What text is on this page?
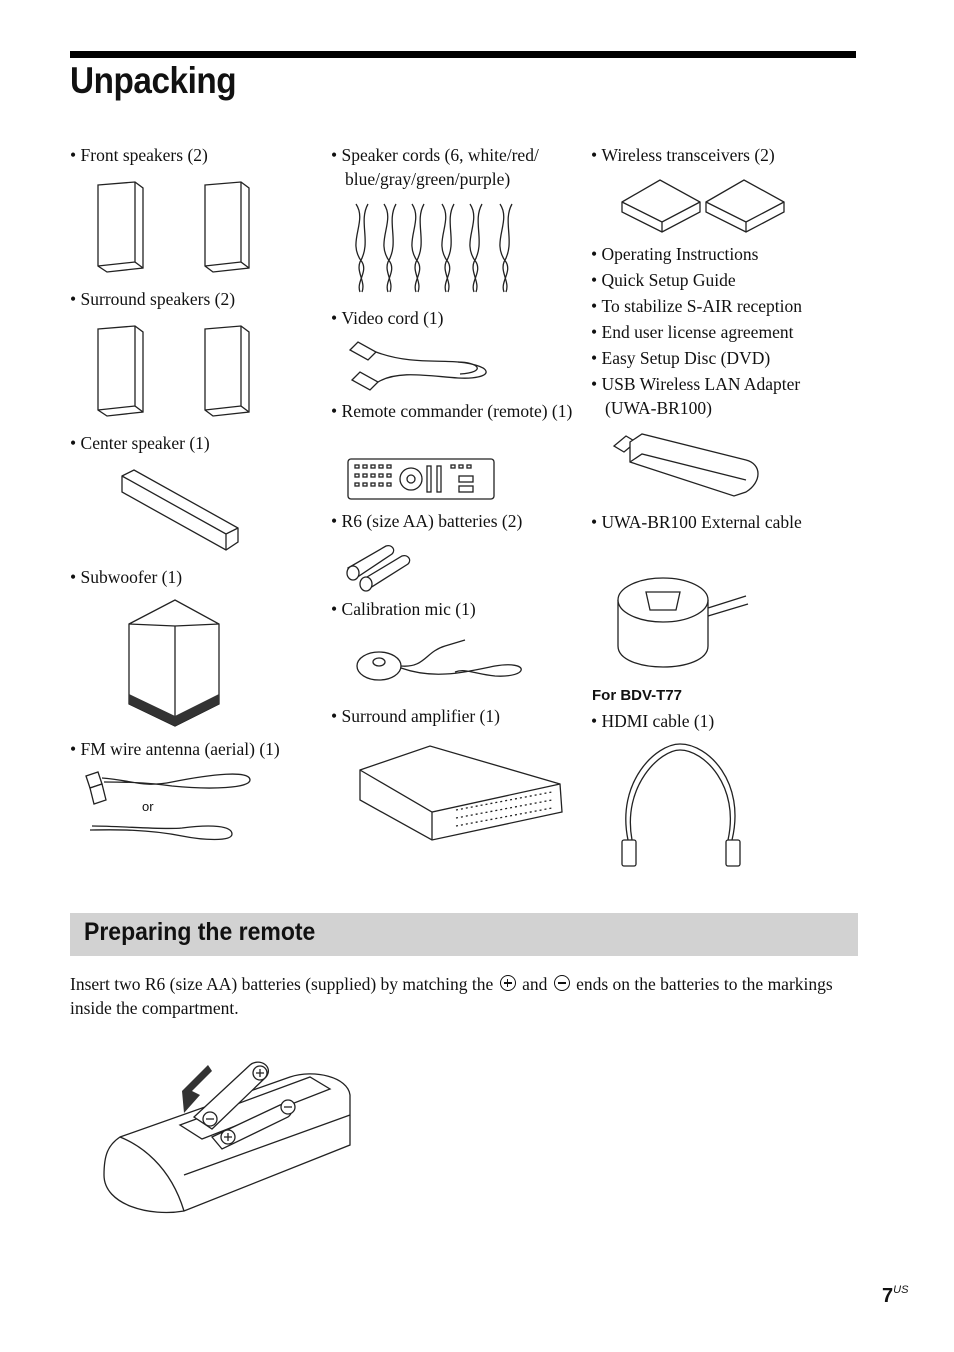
Unpacking
• Front speakers (2)
• Surround speakers (2)
• Center speaker (1)
• Subwoofer (1)
• FM wire antenna (aerial) (1)
or
• Speaker cords (6, white/red/ blue/gray/green/purple)
• Video cord (1)
• Remote commander (remote) (1)
• R6 (size AA) batteries (2)
• Calibration mic (1)
• Surround amplifier (1)
• Wireless transceivers (2)
• Operating Instructions
• Quick Setup Guide
• To stabilize S-AIR reception
• End user license agreement
• Easy Setup Disc (DVD)
• USB Wireless LAN Adapter (UWA-BR100)
• UWA-BR100 External cable
For BDV-T77
• HDMI cable (1)
Preparing the remote
Insert two R6 (size AA) batteries (supplied) by matching the and ends on the batteries to the markings inside the compartment.
$7^{US}$
